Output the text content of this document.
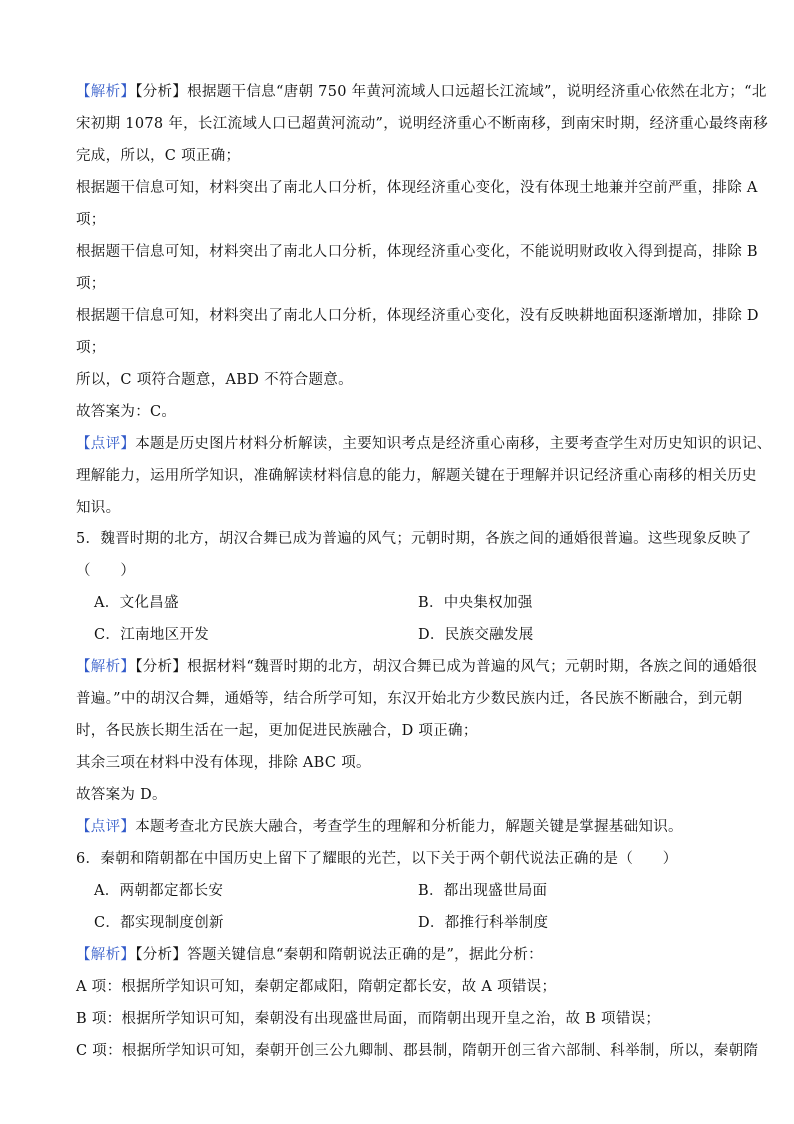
【解析】【分析】根据题干信息“唐朝 750 年黄河流域人口远超长江流域”，说明经济重心依然在北方；“北
宋初期 1078 年，长江流域人口已超黄河流动”，说明经济重心不断南移，到南宋时期，经济重心最终南移
完成，所以，C 项正确；
根据题干信息可知，材料突出了南北人口分析，体现经济重心变化，没有体现土地兼并空前严重，排除 A
项；
根据题干信息可知，材料突出了南北人口分析，体现经济重心变化，不能说明财政收入得到提高，排除 B
项；
根据题干信息可知，材料突出了南北人口分析，体现经济重心变化，没有反映耕地面积逐渐增加，排除 D
项；
所以，C 项符合题意，ABD 不符合题意。
故答案为：C。
【点评】本题是历史图片材料分析解读，主要知识考点是经济重心南移，主要考查学生对历史知识的识记、
理解能力，运用所学知识，准确解读材料信息的能力，解题关键在于理解并识记经济重心南移的相关历史
知识。
5．魏晋时期的北方，胡汉合舞已成为普遍的风气；元朝时期，各族之间的通婚很普遍。这些现象反映了
（　　）
A．文化昌盛	B．中央集权加强
C．江南地区开发	D．民族交融发展
【解析】【分析】根据材料“魏晋时期的北方，胡汉合舞已成为普遍的风气；元朝时期，各族之间的通婚很
普遍。”中的胡汉合舞，通婚等，结合所学可知，东汉开始北方少数民族内迁，各民族不断融合，到元朝
时，各民族长期生活在一起，更加促进民族融合，D 项正确；
其余三项在材料中没有体现，排除 ABC 项。
故答案为 D。
【点评】本题考查北方民族大融合，考查学生的理解和分析能力，解题关键是掌握基础知识。
6．秦朝和隋朝都在中国历史上留下了耀眼的光芒，以下关于两个朝代说法正确的是（　　）
A．两朝都定都长安	B．都出现盛世局面
C．都实现制度创新	D．都推行科举制度
【解析】【分析】答题关键信息“秦朝和隋朝说法正确的是”，据此分析：
A 项：根据所学知识可知，秦朝定都咸阳，隋朝定都长安，故 A 项错误；
B 项：根据所学知识可知，秦朝没有出现盛世局面，而隋朝出现开皇之治，故 B 项错误；
C 项：根据所学知识可知，秦朝开创三公九卿制、郡县制，隋朝开创三省六部制、科举制，所以，秦朝隋
